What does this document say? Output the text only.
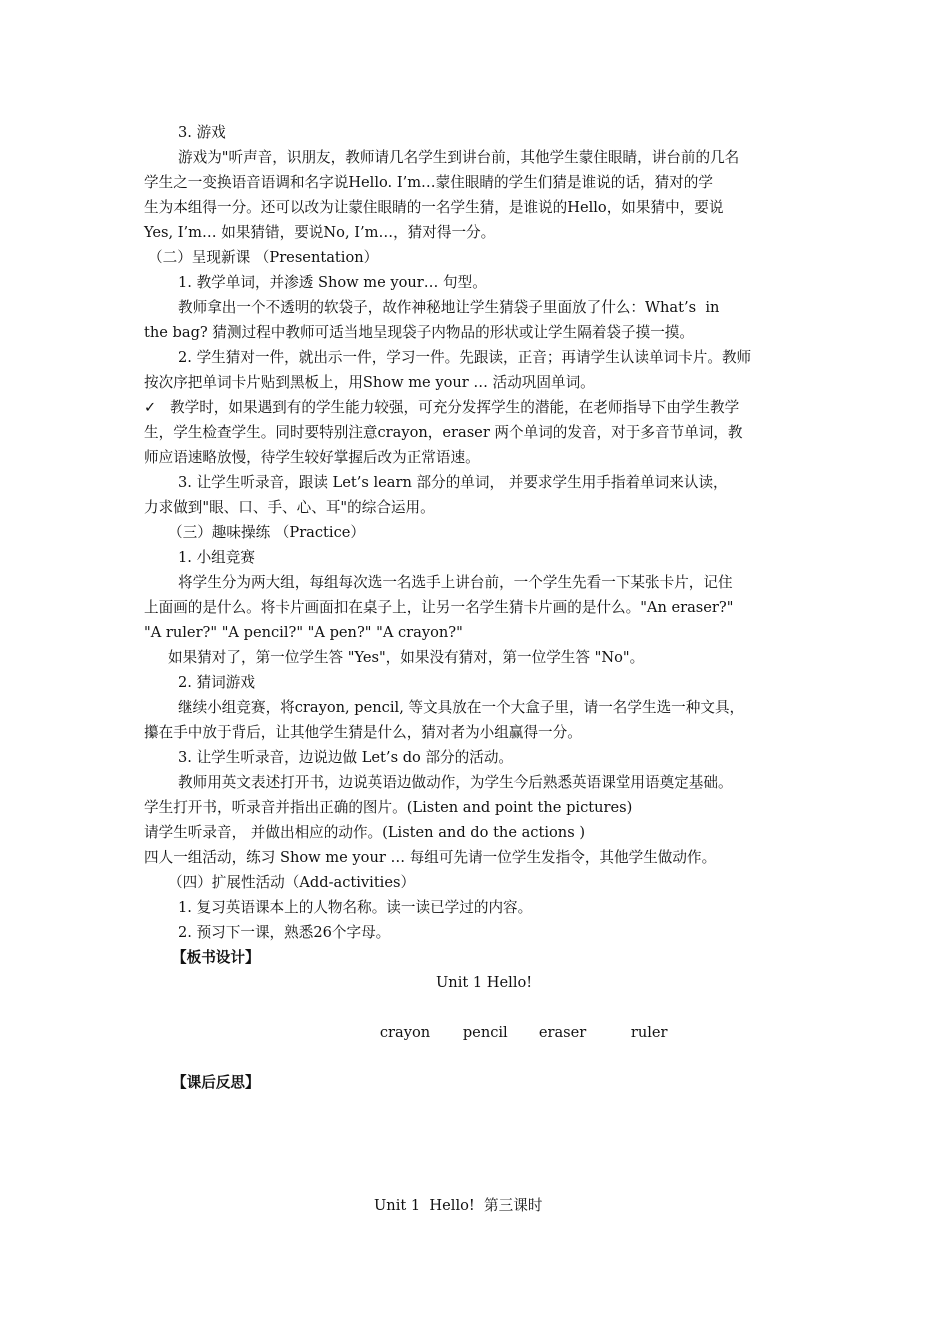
3. 游戏
游戏为"听声音，识朋友，教师请几名学生到讲台前，其他学生蒙住眼睛，讲台前的几名
学生之一变换语音语调和名字说Hello. I’m…蒙住眼睛的学生们猜是谁说的话，猜对的学
生为本组得一分。还可以改为让蒙住眼睛的一名学生猜，是谁说的Hello，如果猜中，要说
Yes, I’m… 如果猜错，要说No, I’m…，猜对得一分。
（二）呈现新课 （Presentation）
1. 教学单词，并渗透 Show me your… 句型。
教师拿出一个不透明的软袋子，故作神秘地让学生猜袋子里面放了什么：What’s  in
the bag? 猜测过程中教师可适当地呈现袋子内物品的形状或让学生隔着袋子摸一摸。
2. 学生猜对一件，就出示一件，学习一件。先跟读，正音；再请学生认读单词卡片。教师
按次序把单词卡片贴到黑板上，用Show me your … 活动巩固单词。
✓ 教学时，如果遇到有的学生能力较强，可充分发挥学生的潜能，在老师指导下由学生教学
生，学生检查学生。同时要特别注意crayon，eraser 两个单词的发音，对于多音节单词，教
师应语速略放慢，待学生较好掌握后改为正常语速。
3. 让学生听录音，跟读 Let’s learn 部分的单词， 并要求学生用手指着单词来认读，
力求做到"眼、口、手、心、耳"的综合运用。
（三）趣味操练 （Practice）
1. 小组竞赛
将学生分为两大组，每组每次选一名选手上讲台前，一个学生先看一下某张卡片，记住
上面画的是什么。将卡片画面扣在桌子上，让另一名学生猜卡片画的是什么。"An eraser?"
"A ruler?" "A pencil?" "A pen?" "A crayon?"
如果猜对了，第一位学生答 "Yes"，如果没有猜对，第一位学生答 "No"。
2. 猜词游戏
继续小组竞赛，将crayon, pencil, 等文具放在一个大盒子里，请一名学生选一种文具，
攥在手中放于背后，让其他学生猜是什么，猜对者为小组赢得一分。
3. 让学生听录音，边说边做 Let’s do 部分的活动。
教师用英文表述打开书，边说英语边做动作，为学生今后熟悉英语课堂用语奠定基础。
学生打开书，听录音并指出正确的图片。(Listen and point the pictures)
请学生听录音， 并做出相应的动作。(Listen and do the actions )
四人一组活动，练习 Show me your … 每组可先请一位学生发指令，其他学生做动作。
（四）扩展性活动（Add-activities）
1. 复习英语课本上的人物名称。读一读已学过的内容。
2. 预习下一课，熟悉26个字母。
【板书设计】
Unit 1 Hello!

crayon pencil eraser	ruler

【课后反思】
Unit 1  Hello!  第三课时
